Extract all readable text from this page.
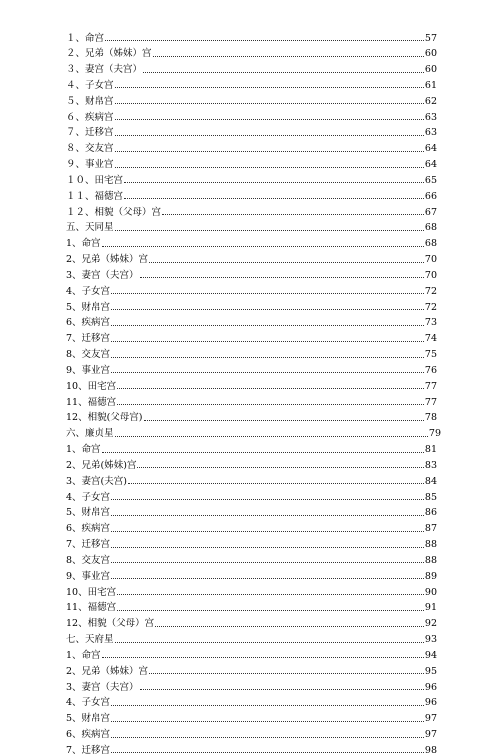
１、命宫	57
２、兄弟（姊妹）宫	60
３、妻宫（夫宫）	60
４、子女宫	61
５、财帛宫	62
６、疾病宫	63
７、迁移宫	63
８、交友宫	64
９、事业宫	64
１０、田宅宫	65
１１、福德宫	66
１２、相貌（父母）宫	67
五、天同星	68
1、命宫	68
2、兄弟（姊妹）宫	70
3、妻宫（夫宫）	70
4、子女宫	72
5、财帛宫	72
6、疾病宫	73
7、迁移宫	74
8、交友宫	75
9、事业宫	76
10、田宅宫	77
11、福德宫	77
12、相貌(父母宫)	78
六、廉贞星	79
1、命宫	81
2、兄弟(姊妹)宫	83
3、妻宫(夫宫)	84
4、子女宫	85
5、财帛宫	86
6、疾病宫	87
7、迁移宫	88
8、交友宫	88
9、事业宫	89
10、田宅宫	90
11、福德宫	91
12、相貌（父母）宫	92
七、天府星	93
1、命宫	94
2、兄弟（姊妹）宫	95
3、妻宫（夫宫）	96
4、子女宫	96
5、财帛宫	97
6、疾病宫	97
7、迁移宫	98
